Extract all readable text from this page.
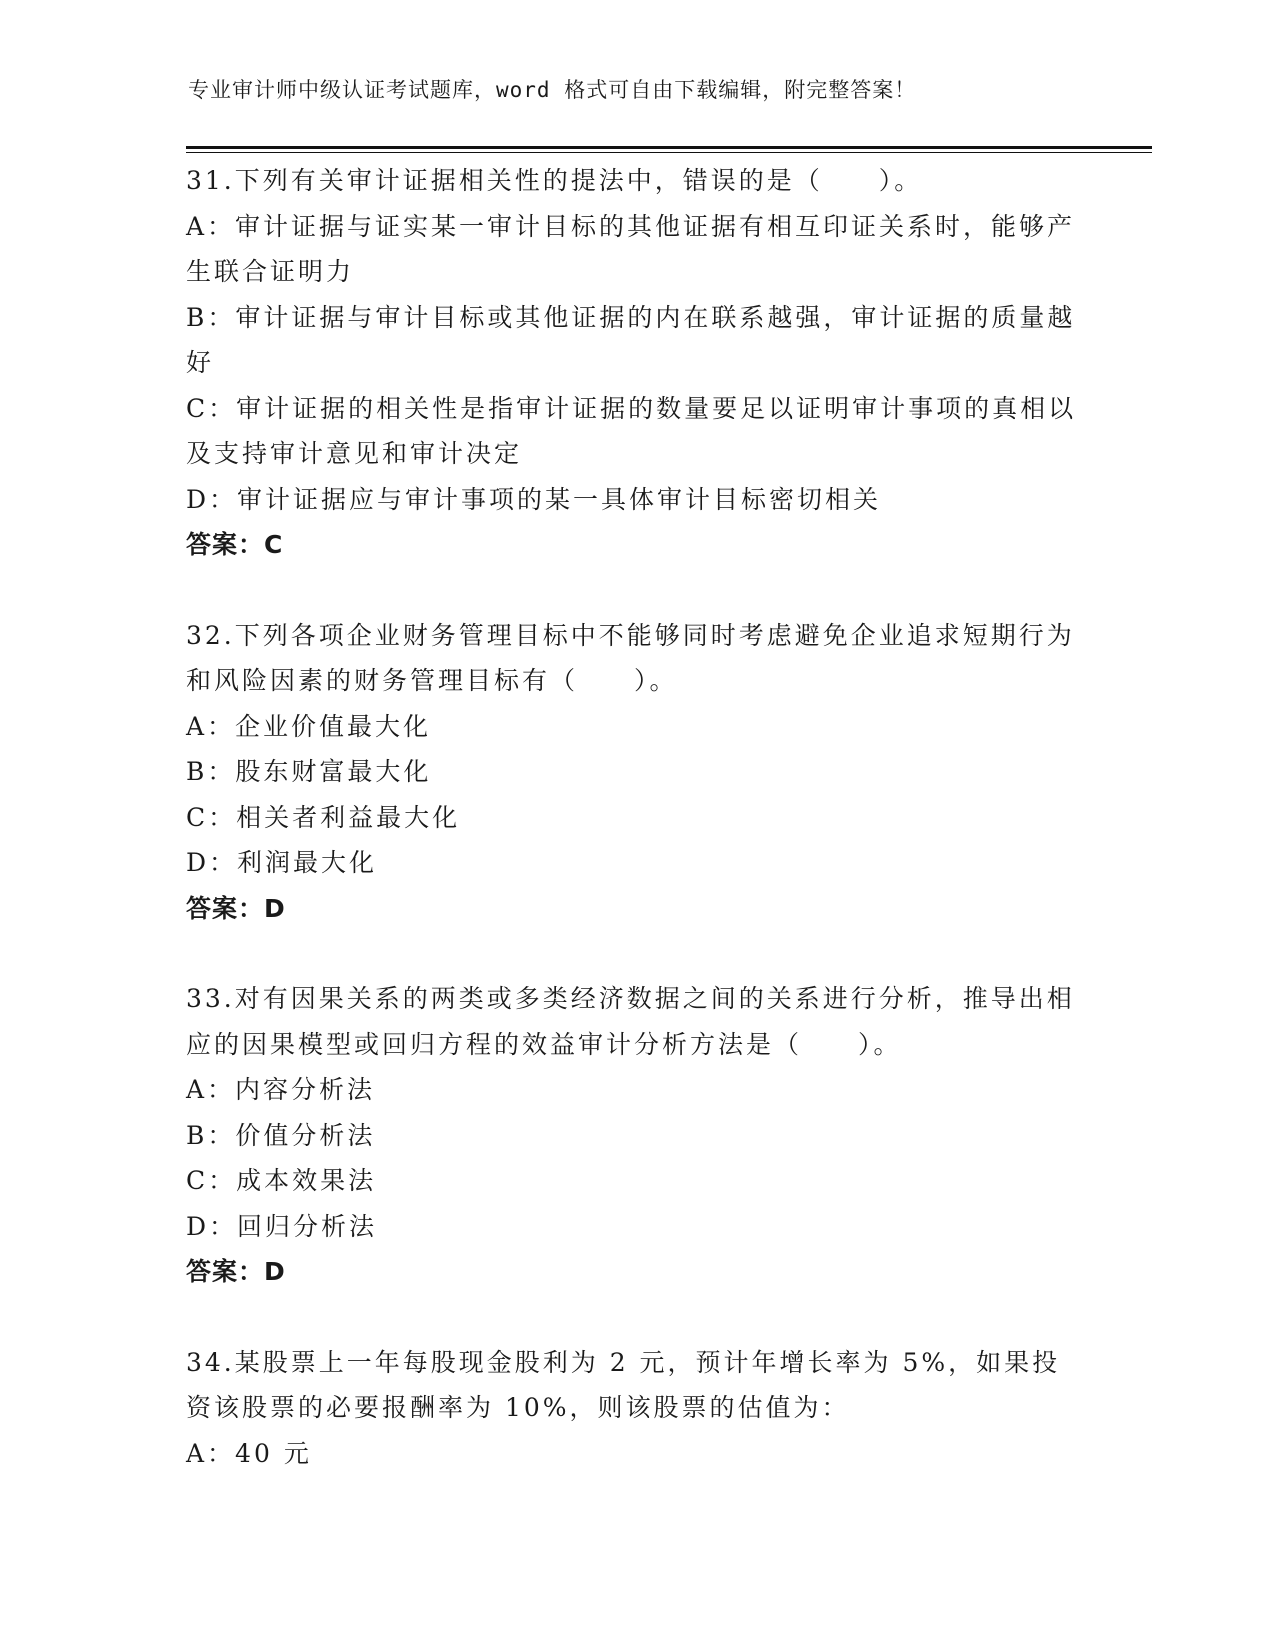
专业审计师中级认证考试题库，word 格式可自由下载编辑，附完整答案！

31.下列有关审计证据相关性的提法中，错误的是（　　）。

A：审计证据与证实某一审计目标的其他证据有相互印证关系时，能够产生联合证明力

B：审计证据与审计目标或其他证据的内在联系越强，审计证据的质量越好

C：审计证据的相关性是指审计证据的数量要足以证明审计事项的真相以及支持审计意见和审计决定

D：审计证据应与审计事项的某一具体审计目标密切相关

答案：C

32.下列各项企业财务管理目标中不能够同时考虑避免企业追求短期行为和风险因素的财务管理目标有（　　）。

A：企业价值最大化

B：股东财富最大化

C：相关者利益最大化

D：利润最大化

答案：D

33.对有因果关系的两类或多类经济数据之间的关系进行分析，推导出相应的因果模型或回归方程的效益审计分析方法是（　　）。

A：内容分析法

B：价值分析法

C：成本效果法

D：回归分析法

答案：D

34.某股票上一年每股现金股利为 2 元，预计年增长率为 5%，如果投资该股票的必要报酬率为 10%，则该股票的估值为：

A：40 元
